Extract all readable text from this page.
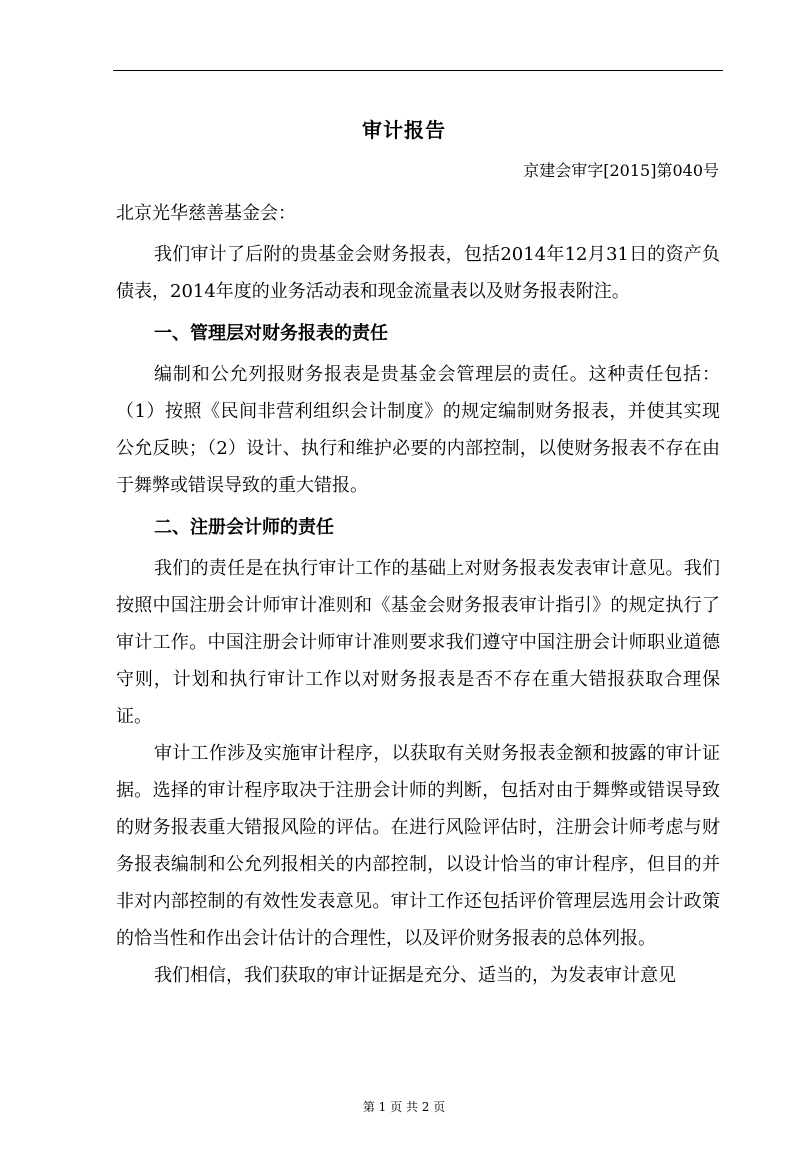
审计报告
京建会审字[2015]第040号
北京光华慈善基金会：

我们审计了后附的贵基金会财务报表，包括2014年12月31日的资产负债表，2014年度的业务活动表和现金流量表以及财务报表附注。

一、管理层对财务报表的责任

编制和公允列报财务报表是贵基金会管理层的责任。这种责任包括：（1）按照《民间非营利组织会计制度》的规定编制财务报表，并使其实现公允反映；（2）设计、执行和维护必要的内部控制，以使财务报表不存在由于舞弊或错误导致的重大错报。

二、注册会计师的责任

我们的责任是在执行审计工作的基础上对财务报表发表审计意见。我们按照中国注册会计师审计准则和《基金会财务报表审计指引》的规定执行了审计工作。中国注册会计师审计准则要求我们遵守中国注册会计师职业道德守则，计划和执行审计工作以对财务报表是否不存在重大错报获取合理保证。

审计工作涉及实施审计程序，以获取有关财务报表金额和披露的审计证据。选择的审计程序取决于注册会计师的判断，包括对由于舞弊或错误导致的财务报表重大错报风险的评估。在进行风险评估时，注册会计师考虑与财务报表编制和公允列报相关的内部控制，以设计恰当的审计程序，但目的并非对内部控制的有效性发表意见。审计工作还包括评价管理层选用会计政策的恰当性和作出会计估计的合理性，以及评价财务报表的总体列报。

我们相信，我们获取的审计证据是充分、适当的，为发表审计意见

第 1 页 共 2 页
